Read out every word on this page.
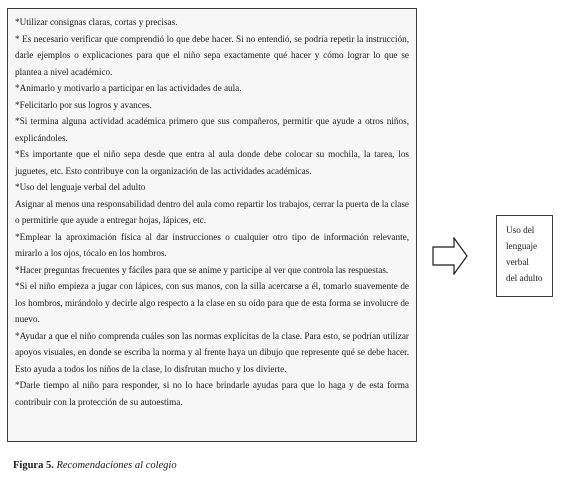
*Utilizar consignas claras, cortas y precisas.

* Es necesario verificar que comprendió lo que debe hacer. Si no entendió, se podría repetir la instrucción, darle ejemplos o explicaciones para que el niño sepa exactamente qué hacer y cómo lograr lo que se plantea a nivel académico.

*Animarlo y motivarlo a participar en las actividades de aula.

*Felicitarlo por sus logros y avances.

*Si termina alguna actividad académica primero que sus compañeros, permitir que ayude a otros niños, explicándoles.

*Es importante que el niño sepa desde que entra al aula donde debe colocar su mochila, la tarea, los juguetes, etc. Esto contribuye con la organización de las actividades académicas.

*Uso del lenguaje verbal del adulto

Asignar al menos una responsabilidad dentro del aula como repartir los trabajos, cerrar la puerta de la clase o permitirle que ayude a entregar hojas, lápices, etc.

*Emplear la aproximación física al dar instrucciones o cualquier otro tipo de información relevante, mirarlo a los ojos, tócalo en los hombros.

*Hacer preguntas frecuentes y fáciles para que se anime y participe al ver que controla las respuestas.

*Si el niño empieza a jugar con lápices, con sus manos, con la silla acercarse a él, tomarlo suavemente de los hombros, mirándolo y decirle algo respecto a la clase en su oído para que de esta forma se involucre de nuevo.

*Ayudar a que el niño comprenda cuáles son las normas explícitas de la clase. Para esto, se podrían utilizar apoyos visuales, en donde se escriba la norma y al frente haya un dibujo que represente qué se debe hacer. Esto ayuda a todos los niños de la clase, lo disfrutan mucho y los divierte.

*Darle tiempo al niño para responder, si no lo hace brindarle ayudas para que lo haga y de esta forma contribuir con la protección de su autoestima.

Uso del
lenguaje
verbal
del adulto
Figura 5. Recomendaciones al colegio
